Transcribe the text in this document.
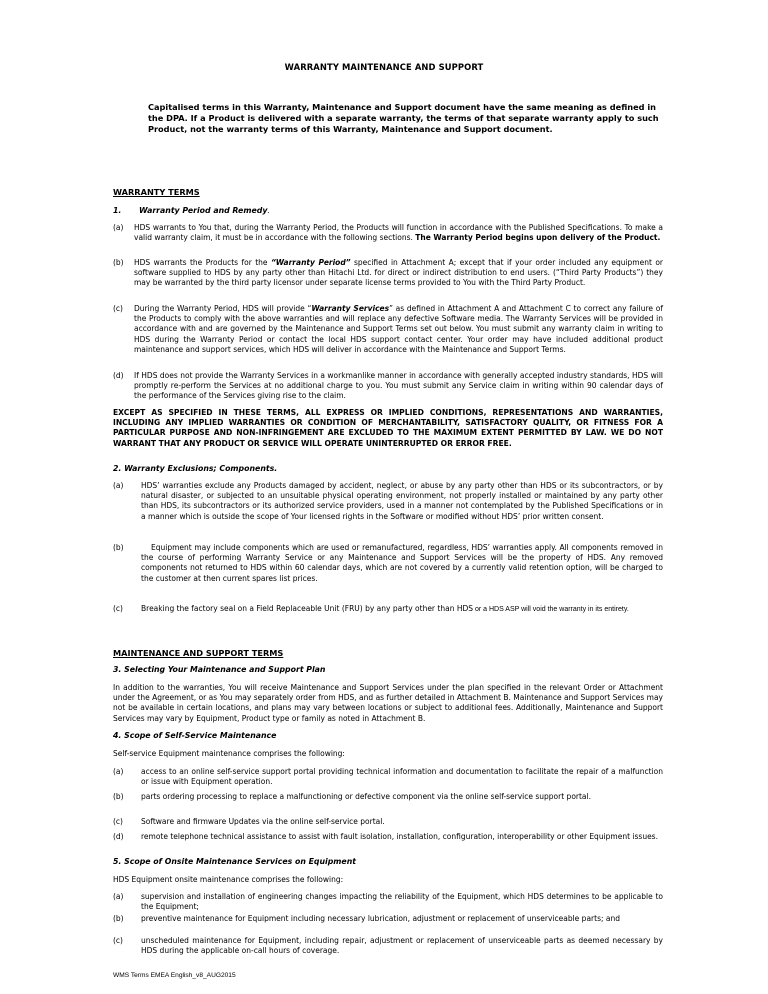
WARRANTY MAINTENANCE AND SUPPORT
Capitalised terms in this Warranty, Maintenance and Support document have the same meaning as defined in the DPA. If a Product is delivered with a separate warranty, the terms of that separate warranty apply to such Product, not the warranty terms of this Warranty, Maintenance and Support document.
WARRANTY TERMS
1. Warranty Period and Remedy.
(a) HDS warrants to You that, during the Warranty Period, the Products will function in accordance with the Published Specifications. To make a valid warranty claim, it must be in accordance with the following sections. The Warranty Period begins upon delivery of the Product.
(b) HDS warrants the Products for the “Warranty Period” specified in Attachment A; except that if your order included any equipment or software supplied to HDS by any party other than Hitachi Ltd. for direct or indirect distribution to end users. (“Third Party Products”) they may be warranted by the third party licensor under separate license terms provided to You with the Third Party Product.
(c) During the Warranty Period, HDS will provide “Warranty Services” as defined in Attachment A and Attachment C to correct any failure of the Products to comply with the above warranties and will replace any defective Software media. The Warranty Services will be provided in accordance with and are governed by the Maintenance and Support Terms set out below. You must submit any warranty claim in writing to HDS during the Warranty Period or contact the local HDS support contact center. Your order may have included additional product maintenance and support services, which HDS will deliver in accordance with the Maintenance and Support Terms.
(d) If HDS does not provide the Warranty Services in a workmanlike manner in accordance with generally accepted industry standards, HDS will promptly re-perform the Services at no additional charge to you. You must submit any Service claim in writing within 90 calendar days of the performance of the Services giving rise to the claim.
EXCEPT AS SPECIFIED IN THESE TERMS, ALL EXPRESS OR IMPLIED CONDITIONS, REPRESENTATIONS AND WARRANTIES, INCLUDING ANY IMPLIED WARRANTIES OR CONDITION OF MERCHANTABILITY, SATISFACTORY QUALITY, OR FITNESS FOR A PARTICULAR PURPOSE AND NON-INFRINGEMENT ARE EXCLUDED TO THE MAXIMUM EXTENT PERMITTED BY LAW. WE DO NOT WARRANT THAT ANY PRODUCT OR SERVICE WILL OPERATE UNINTERRUPTED OR ERROR FREE.
2. Warranty Exclusions; Components.
(a) HDS’ warranties exclude any Products damaged by accident, neglect, or abuse by any party other than HDS or its subcontractors, or by natural disaster, or subjected to an unsuitable physical operating environment, not properly installed or maintained by any party other than HDS, its subcontractors or its authorized service providers, used in a manner not contemplated by the Published Specifications or in a manner which is outside the scope of Your licensed rights in the Software or modified without HDS’ prior written consent.
(b)	Equipment may include components which are used or remanufactured, regardless, HDS’ warranties apply. All components removed in the course of performing Warranty Service or any Maintenance and Support Services will be the property of HDS. Any removed components not returned to HDS within 60 calendar days, which are not covered by a currently valid retention option, will be charged to the customer at then current spares list prices.
(c) Breaking the factory seal on a Field Replaceable Unit (FRU) by any party other than HDS or a HDS ASP will void the warranty in its entirety.
MAINTENANCE AND SUPPORT TERMS
3. Selecting Your Maintenance and Support Plan
In addition to the warranties, You will receive Maintenance and Support Services under the plan specified in the relevant Order or Attachment under the Agreement, or as You may separately order from HDS, and as further detailed in Attachment B. Maintenance and Support Services may not be available in certain locations, and plans may vary between locations or subject to additional fees. Additionally, Maintenance and Support Services may vary by Equipment, Product type or family as noted in Attachment B.
4. Scope of Self-Service Maintenance
Self-service Equipment maintenance comprises the following:
(a) access to an online self-service support portal providing technical information and documentation to facilitate the repair of a malfunction or issue with Equipment operation.
(b) parts ordering processing to replace a malfunctioning or defective component via the online self-service support portal.
(c) Software and firmware Updates via the online self-service portal.
(d) remote telephone technical assistance to assist with fault isolation, installation, configuration, interoperability or other Equipment issues.
5. Scope of Onsite Maintenance Services on Equipment
HDS Equipment onsite maintenance comprises the following:
(a) supervision and installation of engineering changes impacting the reliability of the Equipment, which HDS determines to be applicable to the Equipment;
(b) preventive maintenance for Equipment including necessary lubrication, adjustment or replacement of unserviceable parts; and
(c) unscheduled maintenance for Equipment, including repair, adjustment or replacement of unserviceable parts as deemed necessary by HDS during the applicable on-call hours of coverage.
WMS Terms EMEA English_v8_AUG2015
